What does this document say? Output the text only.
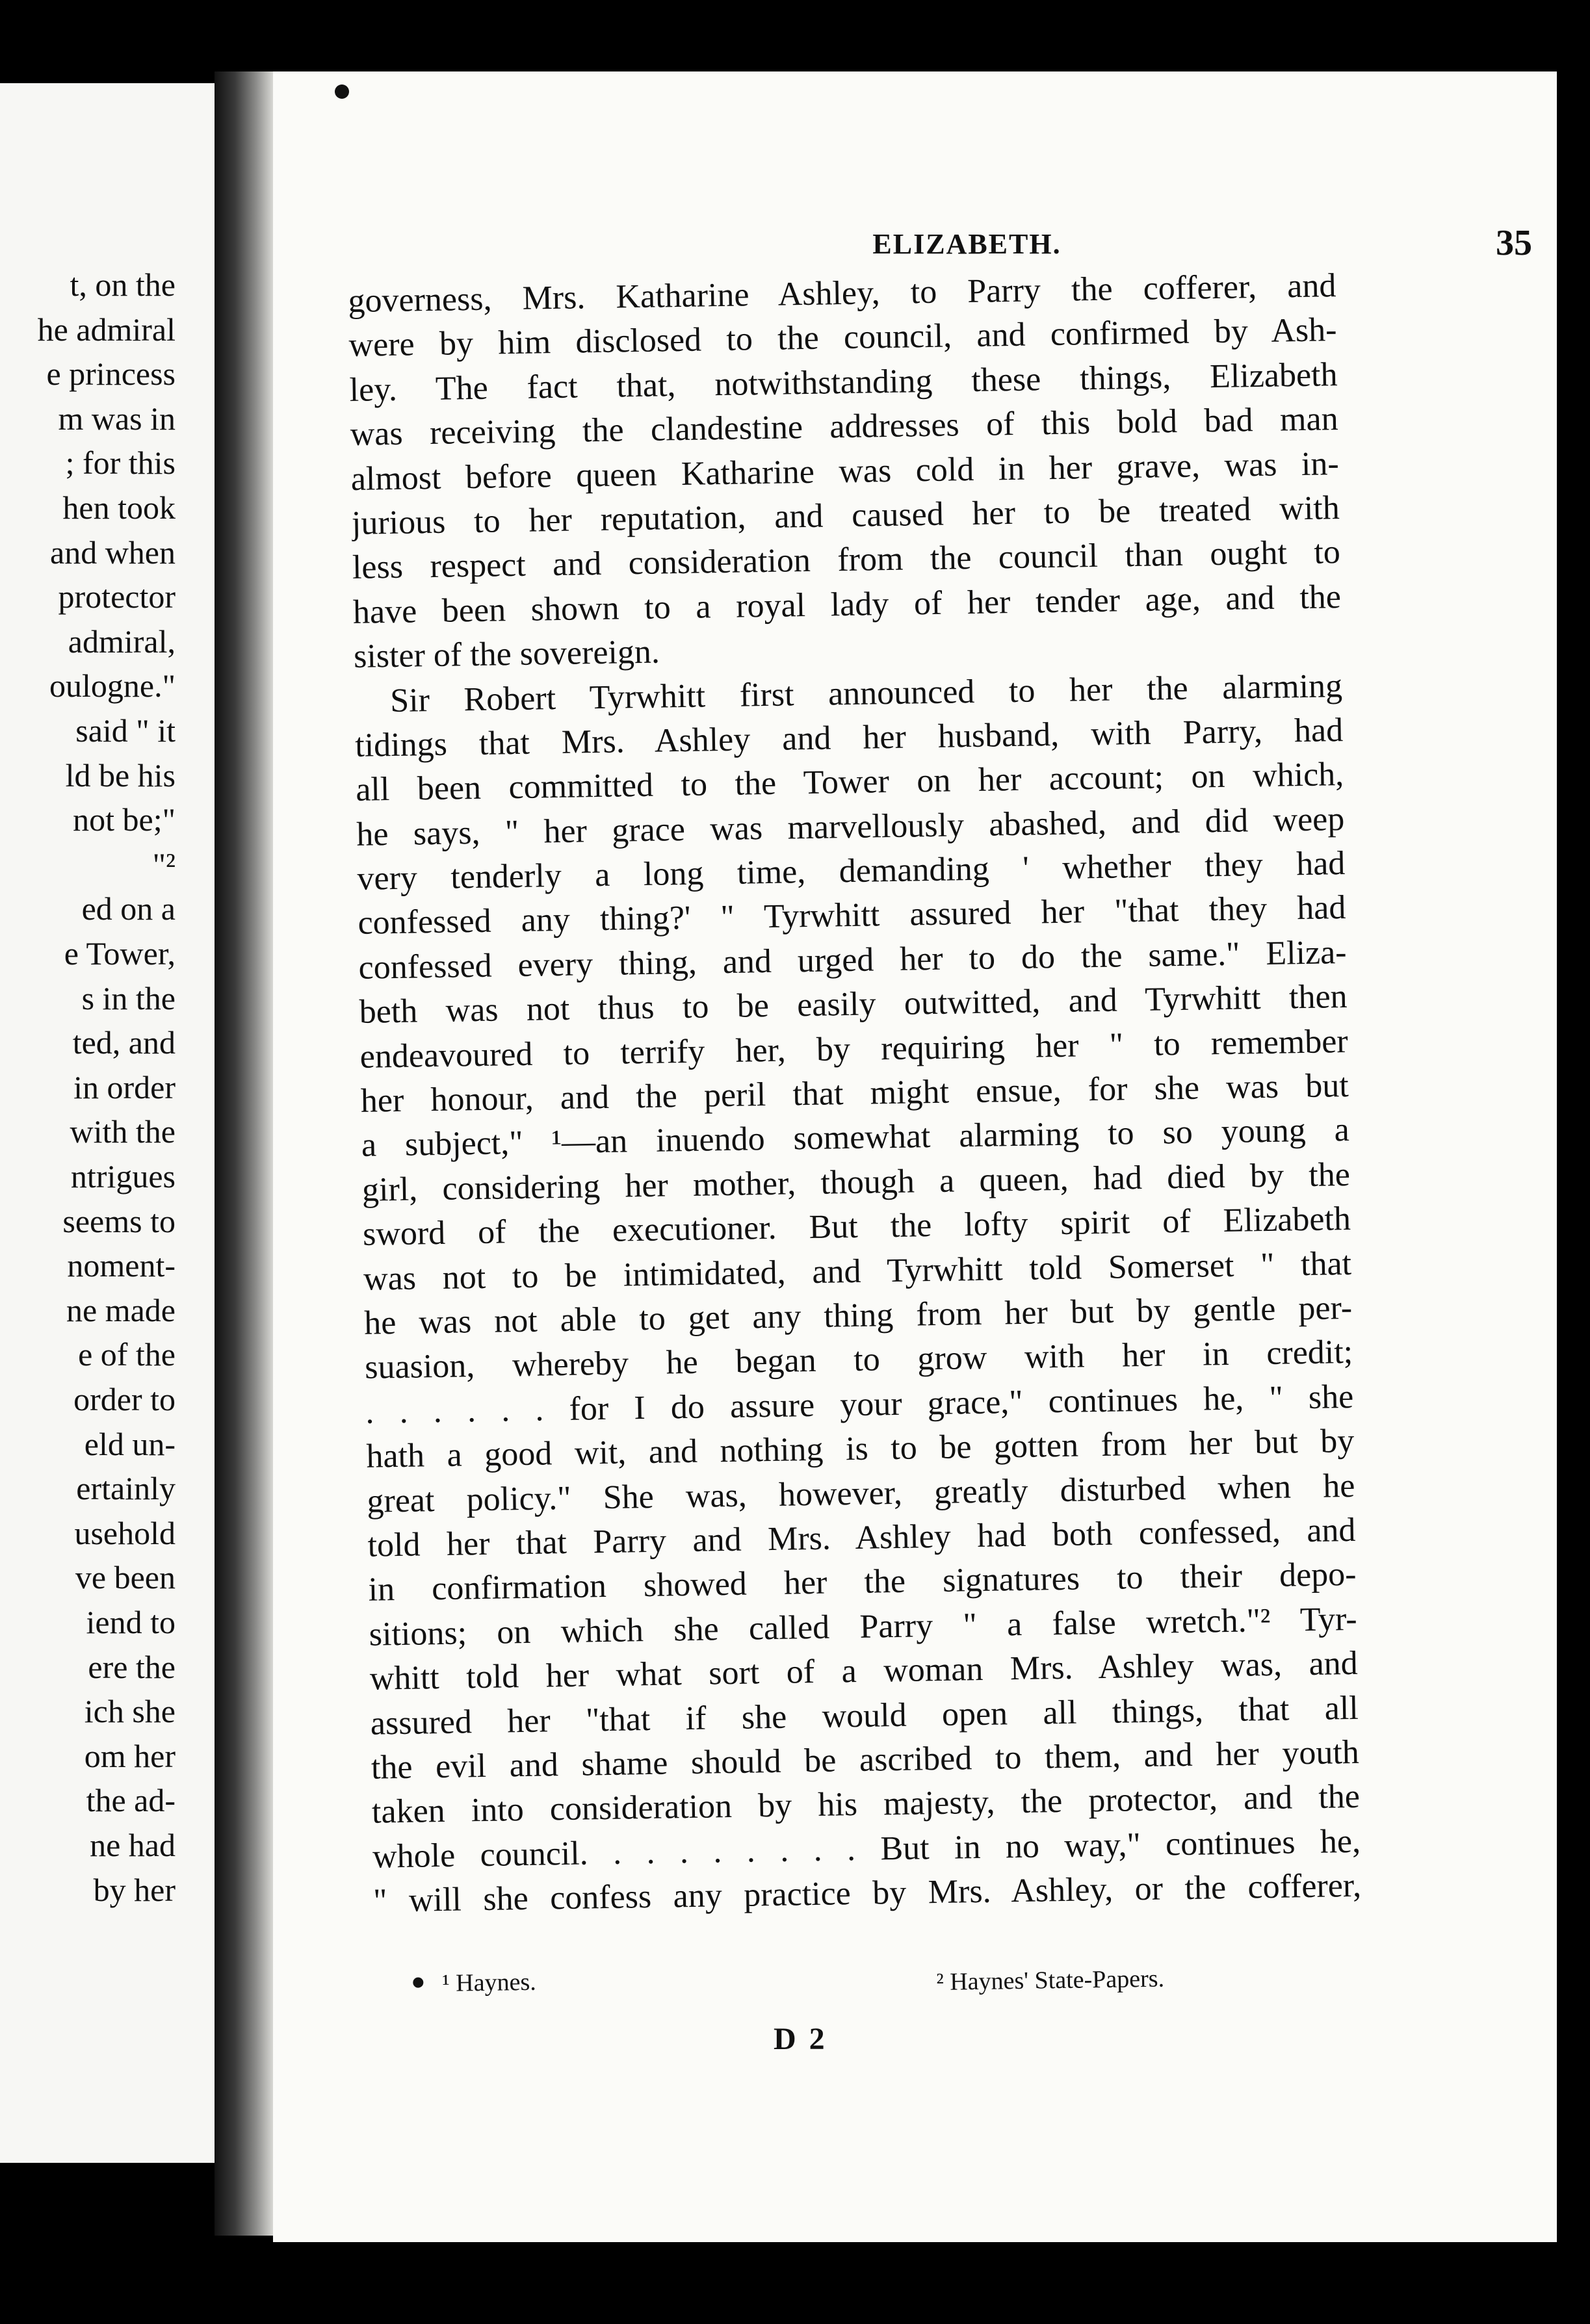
t, on the
he admiral
e princess
m was in
; for this
hen took
and when
protector
admiral,
oulogne."
said " it
ld be his
not be;"
"²
ed on a
e Tower,
s in the
ted, and
in order
with the
ntrigues
seems to
noment-
ne made
e of the
order to
eld un-
ertainly
usehold
ve been
iend to
ere the
ich she
om her
the ad-
ne had
by her
ELIZABETH.	35
governess, Mrs. Katharine Ashley, to Parry the cofferer, and
were by him disclosed to the council, and confirmed by Ash-
ley. The fact that, notwithstanding these things, Elizabeth
was receiving the clandestine addresses of this bold bad man
almost before queen Katharine was cold in her grave, was in-
jurious to her reputation, and caused her to be treated with
less respect and consideration from the council than ought to
have been shown to a royal lady of her tender age, and the
sister of the sovereign.
Sir Robert Tyrwhitt first announced to her the alarming
tidings that Mrs. Ashley and her husband, with Parry, had
all been committed to the Tower on her account; on which,
he says, " her grace was marvellously abashed, and did weep
very tenderly a long time, demanding ' whether they had
confessed any thing?' " Tyrwhitt assured her "that they had
confessed every thing, and urged her to do the same." Eliza-
beth was not thus to be easily outwitted, and Tyrwhitt then
endeavoured to terrify her, by requiring her " to remember
her honour, and the peril that might ensue, for she was but
a subject," ¹—an inuendo somewhat alarming to so young a
girl, considering her mother, though a queen, had died by the
sword of the executioner. But the lofty spirit of Elizabeth
was not to be intimidated, and Tyrwhitt told Somerset " that
he was not able to get any thing from her but by gentle per-
suasion, whereby he began to grow with her in credit;
. . . . . . for I do assure your grace," continues he, " she
hath a good wit, and nothing is to be gotten from her but by
great policy." She was, however, greatly disturbed when he
told her that Parry and Mrs. Ashley had both confessed, and
in confirmation showed her the signatures to their depo-
sitions; on which she called Parry " a false wretch."² Tyr-
whitt told her what sort of a woman Mrs. Ashley was, and
assured her "that if she would open all things, that all
the evil and shame should be ascribed to them, and her youth
taken into consideration by his majesty, the protector, and the
whole council. . . . . . . . . But in no way," continues he,
" will she confess any practice by Mrs. Ashley, or the cofferer,
¹ Haynes.	² Haynes' State-Papers.
D 2
